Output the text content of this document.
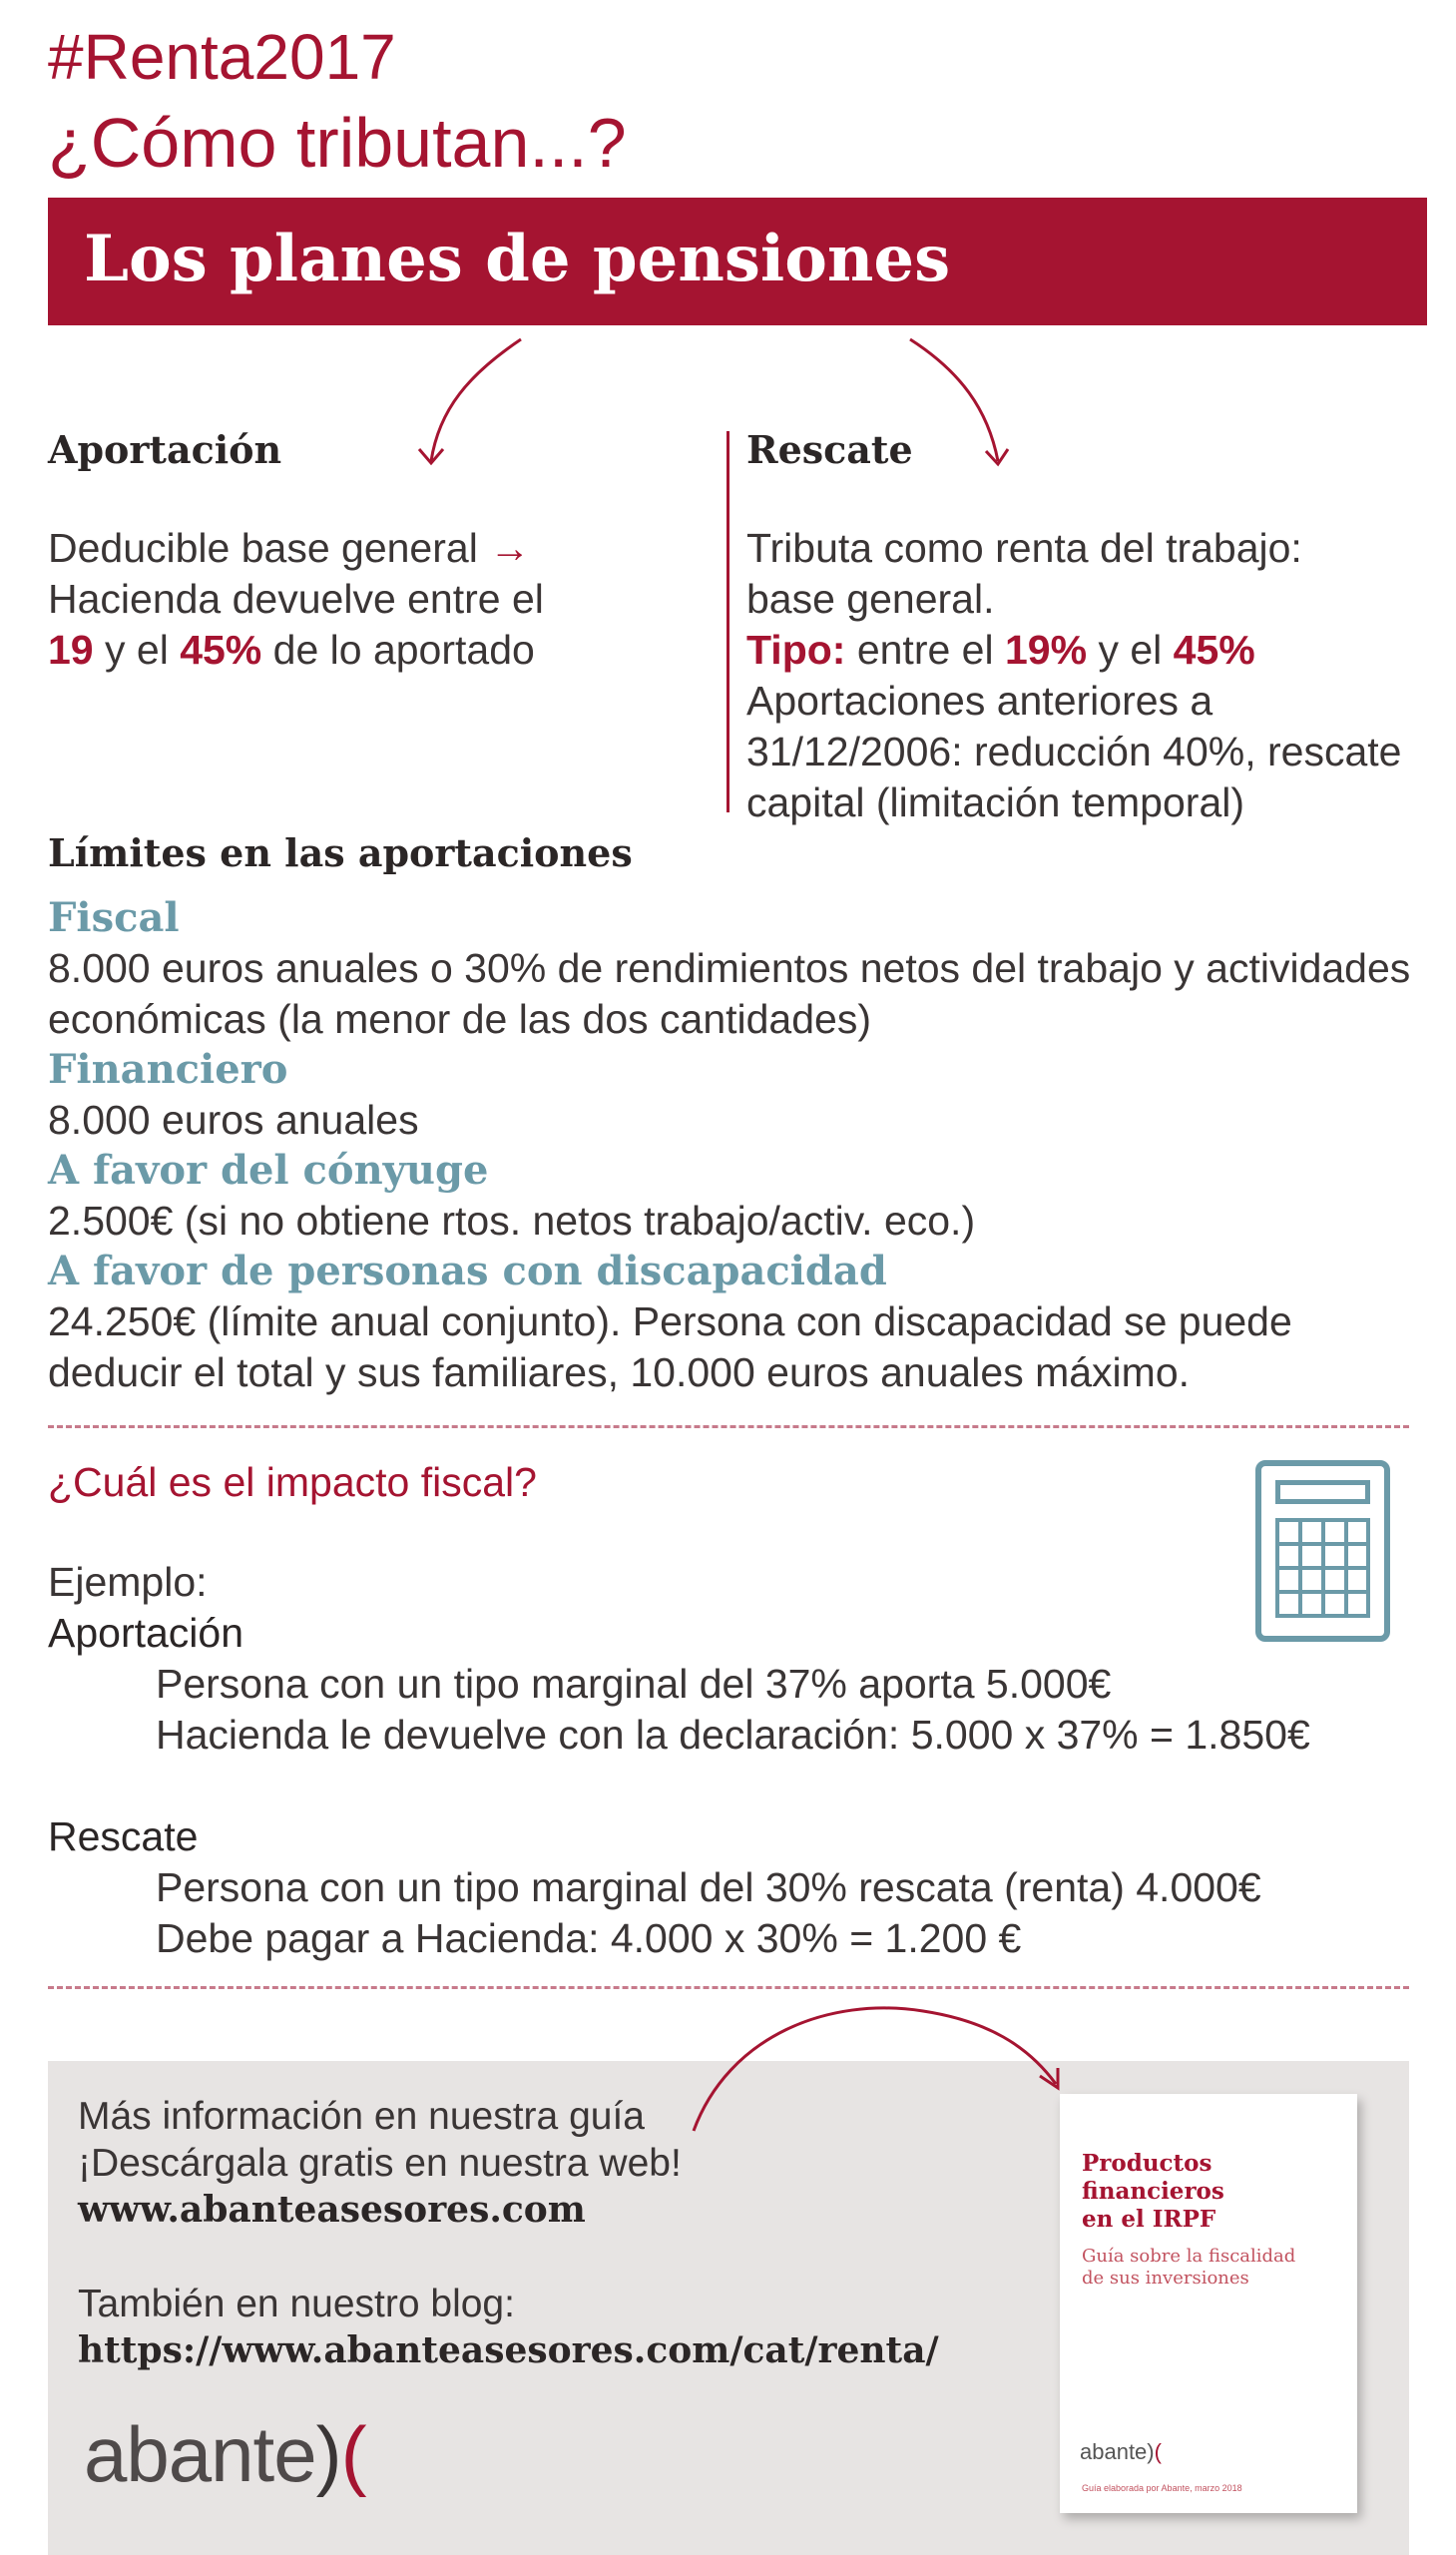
#Renta2017
¿Cómo tributan...?
Los planes de pensiones
Aportación
Deducible base general →
Hacienda devuelve entre el
19 y el 45% de lo aportado
Rescate
Tributa como renta del trabajo:
base general.
Tipo: entre el 19% y el 45%
Aportaciones anteriores a
31/12/2006: reducción 40%, rescate
capital (limitación temporal)
Límites en las aportaciones
Fiscal
8.000 euros anuales o 30% de rendimientos netos del trabajo y actividades económicas (la menor de las dos cantidades)
Financiero
8.000 euros anuales
A favor del cónyuge
2.500€ (si no obtiene rtos. netos trabajo/activ. eco.)
A favor de personas con discapacidad
24.250€ (límite anual conjunto). Persona con discapacidad se puede deducir el total y sus familiares, 10.000 euros anuales máximo.
¿Cuál es el impacto fiscal?
Ejemplo:
Aportación
Persona con un tipo marginal del 37% aporta 5.000€
Hacienda le devuelve con la declaración: 5.000 x 37% = 1.850€
Rescate
Persona con un tipo marginal del 30% rescata (renta) 4.000€
Debe pagar a Hacienda: 4.000 x 30% = 1.200 €
Más información en nuestra guía
¡Descárgala gratis en nuestra web!
www.abanteasesores.com
También en nuestro blog:
https://www.abanteasesores.com/cat/renta/
abante)(
Productos
financieros
en el IRPF
Guía sobre la fiscalidad
de sus inversiones
abante)(
Guía elaborada por Abante, marzo 2018
